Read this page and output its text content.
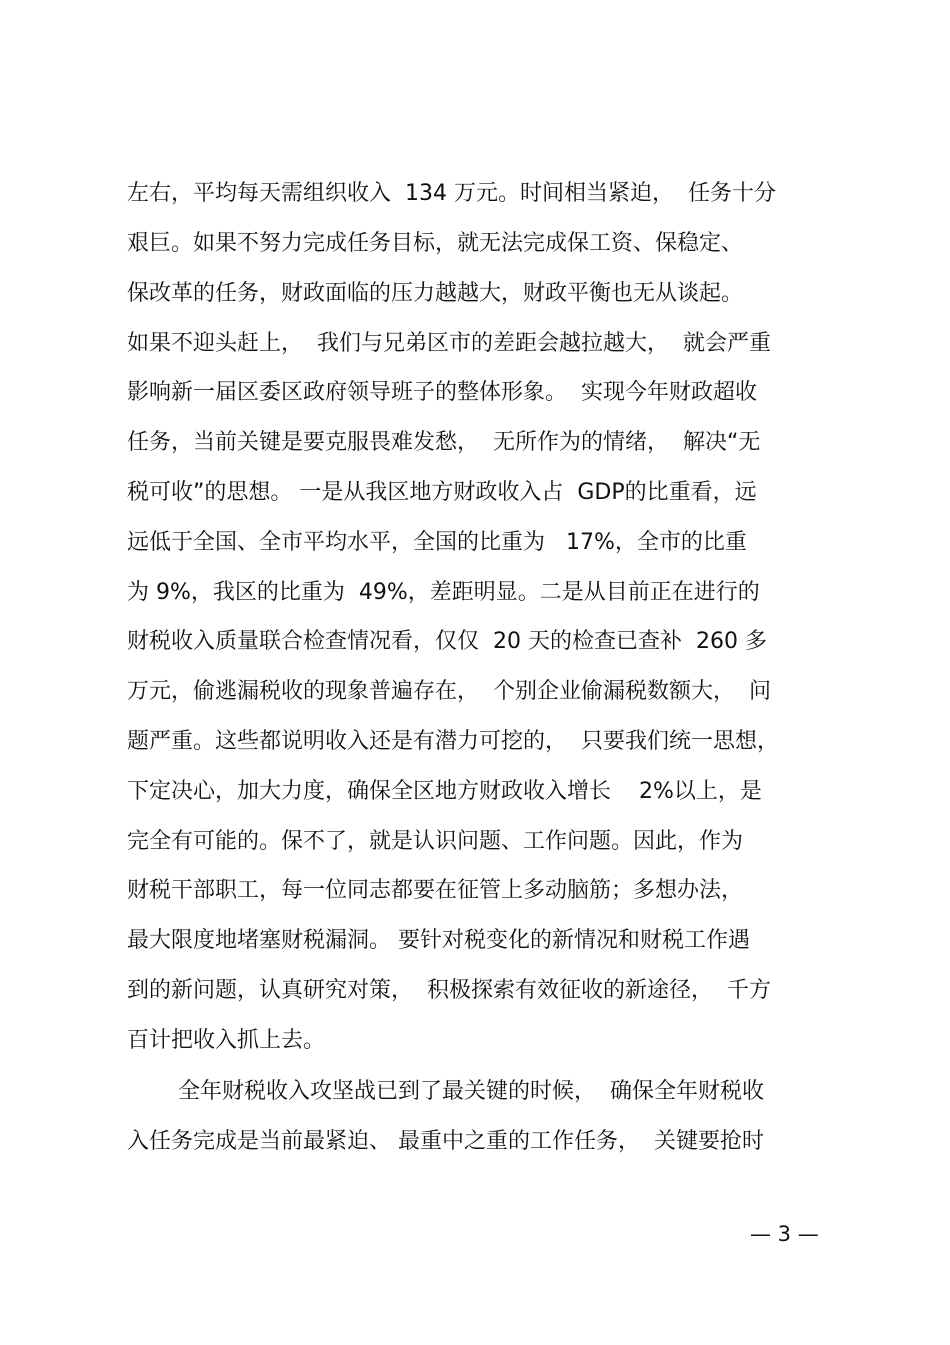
左右，平均每天需组织收入  134 万元。时间相当紧迫，  任务十分
艰巨。如果不努力完成任务目标，就无法完成保工资、保稳定、
保改革的任务，财政面临的压力越越大，财政平衡也无从谈起。
如果不迎头赶上，  我们与兄弟区市的差距会越拉越大，  就会严重
影响新一届区委区政府领导班子的整体形象。  实现今年财政超收
任务，当前关键是要克服畏难发愁，  无所作为的情绪，  解决“无
税可收”的思想。 一是从我区地方财政收入占  GDP的比重看，远
远低于全国、全市平均水平，全国的比重为   17%，全市的比重
为 9%，我区的比重为  49%，差距明显。二是从目前正在进行的
财税收入质量联合检查情况看，仅仅  20 天的检查已查补  260 多
万元，偷逃漏税收的现象普遍存在，  个别企业偷漏税数额大，  问
题严重。这些都说明收入还是有潜力可挖的，  只要我们统一思想，
下定决心，加大力度，确保全区地方财政收入增长    2%以上，是
完全有可能的。保不了，就是认识问题、工作问题。因此，作为
财税干部职工，每一位同志都要在征管上多动脑筋；多想办法，
最大限度地堵塞财税漏洞。 要针对税变化的新情况和财税工作遇
到的新问题，认真研究对策，  积极探索有效征收的新途径，  千方
百计把收入抓上去。
全年财税收入攻坚战已到了最关键的时候，  确保全年财税收
入任务完成是当前最紧迫、 最重中之重的工作任务，  关键要抢时
— 3 —
